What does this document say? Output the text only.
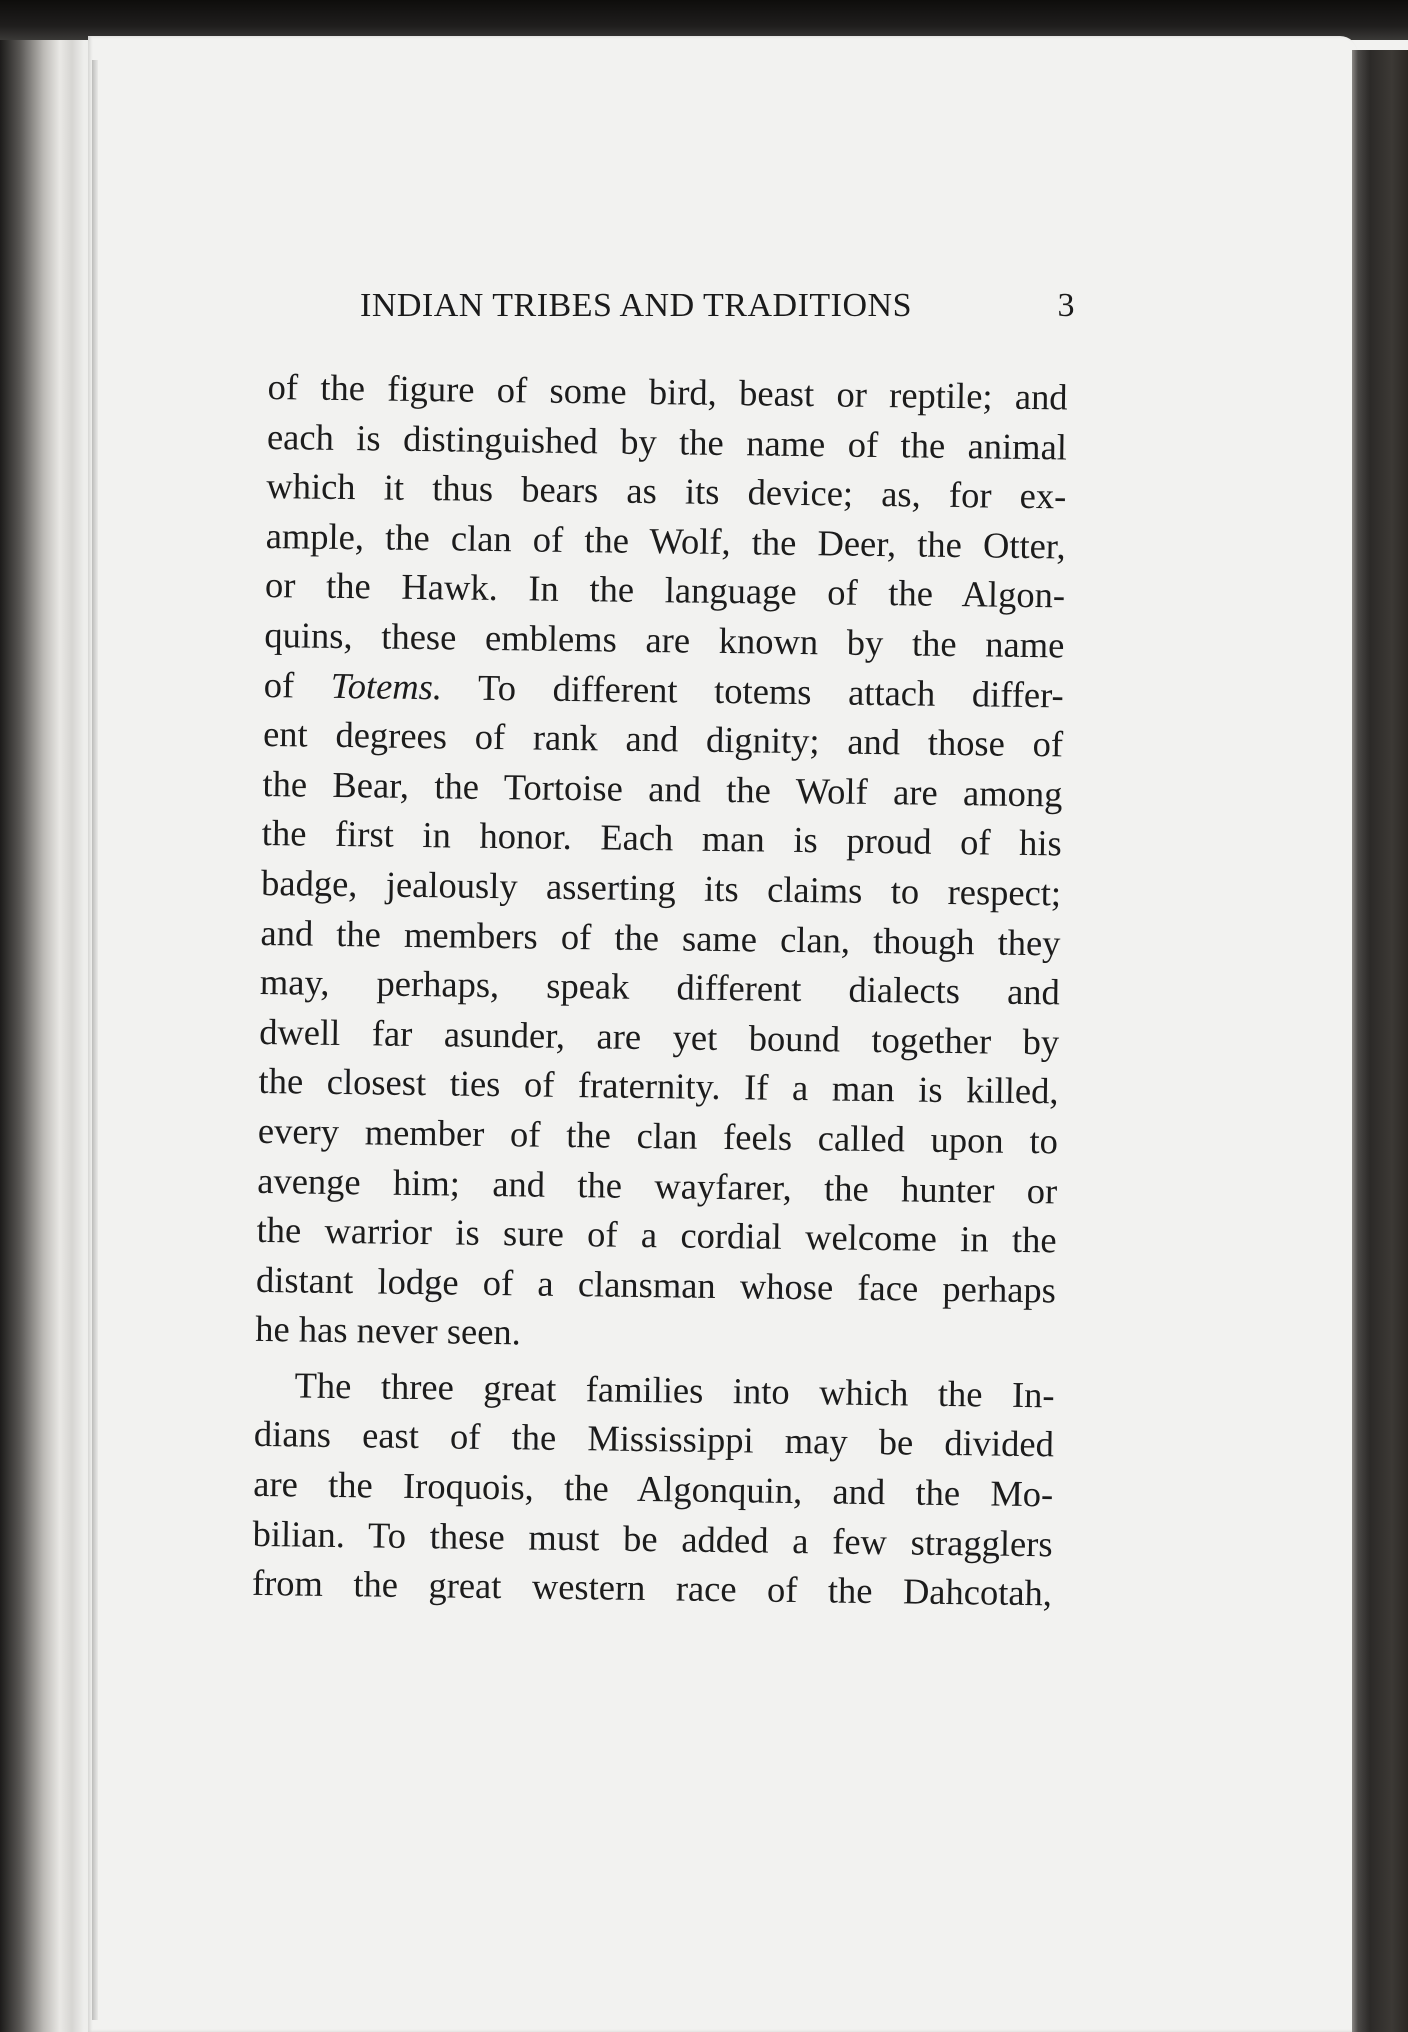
INDIAN TRIBES AND TRADITIONS	3
of the figure of some bird, beast or reptile; and
each is distinguished by the name of the animal
which it thus bears as its device; as, for ex-
ample, the clan of the Wolf, the Deer, the Otter,
or the Hawk. In the language of the Algon-
quins, these emblems are known by the name
of Totems. To different totems attach differ-
ent degrees of rank and dignity; and those of
the Bear, the Tortoise and the Wolf are among
the first in honor. Each man is proud of his
badge, jealously asserting its claims to respect;
and the members of the same clan, though they
may, perhaps, speak different dialects and
dwell far asunder, are yet bound together by
the closest ties of fraternity. If a man is killed,
every member of the clan feels called upon to
avenge him; and the wayfarer, the hunter or
the warrior is sure of a cordial welcome in the
distant lodge of a clansman whose face perhaps
he has never seen.
The three great families into which the In-
dians east of the Mississippi may be divided
are the Iroquois, the Algonquin, and the Mo-
bilian. To these must be added a few stragglers
from the great western race of the Dahcotah,
